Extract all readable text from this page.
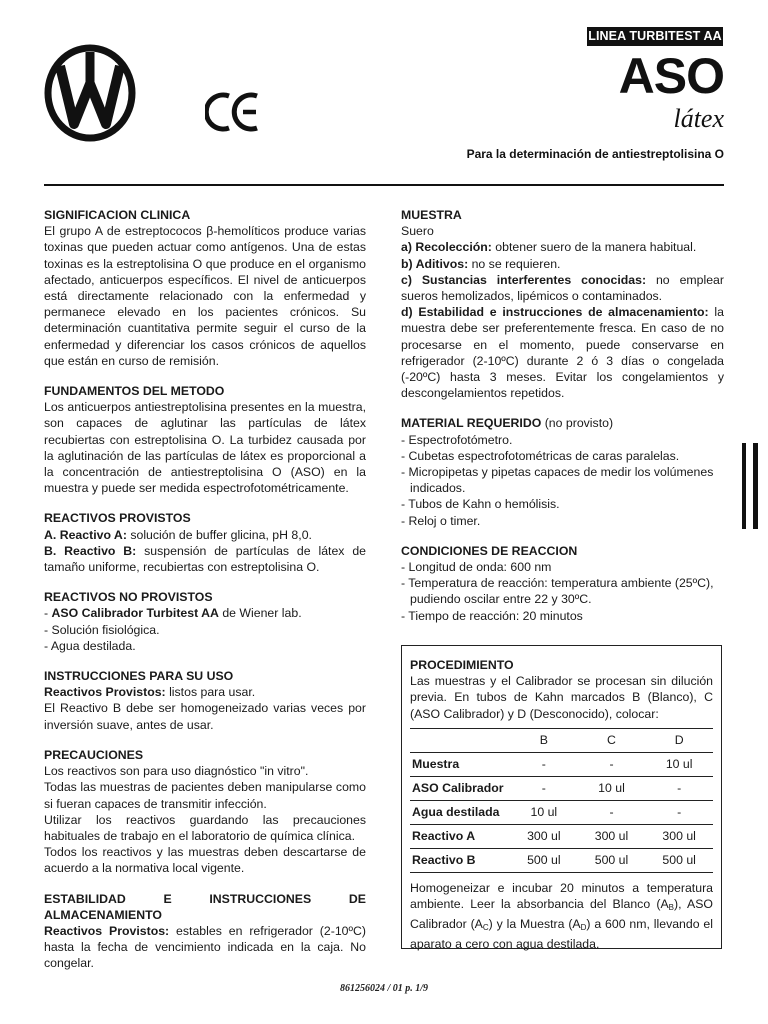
LINEA TURBITEST AA
ASO
látex
Para la determinación de antiestreptolisina O
SIGNIFICACION CLINICA

El grupo A de estreptococos β-hemolíticos produce varias toxinas que pueden actuar como antígenos. Una de estas toxinas es la estreptolisina O que produce en el organismo afectado, anticuerpos específicos. El nivel de anticuerpos está directamente relacionado con la enfermedad y permanece elevado en los pacientes crónicos. Su determinación cuantitativa permite seguir el curso de la enfermedad y diferenciar los casos crónicos de aquellos que están en curso de remisión.

FUNDAMENTOS DEL METODO

Los anticuerpos antiestreptolisina presentes en la muestra, son capaces de aglutinar las partículas de látex recubiertas con estreptolisina O. La turbidez causada por la aglutinación de las partículas de látex es proporcional a la concentración de antiestreptolisina O (ASO) en la muestra y puede ser medida espectrofotométricamente.

REACTIVOS PROVISTOS

A. Reactivo A: solución de buffer glicina, pH 8,0.

B. Reactivo B: suspensión de partículas de látex de tamaño uniforme, recubiertas con estreptolisina O.

REACTIVOS NO PROVISTOS

- ASO Calibrador Turbitest AA de Wiener lab.

- Solución fisiológica.

- Agua destilada.

INSTRUCCIONES PARA SU USO

Reactivos Provistos: listos para usar.

El Reactivo B debe ser homogeneizado varias veces por inversión suave, antes de usar.

PRECAUCIONES

Los reactivos son para uso diagnóstico "in vitro".

Todas las muestras de pacientes deben manipularse como si fueran capaces de transmitir infección.

Utilizar los reactivos guardando las precauciones habituales de trabajo en el laboratorio de química clínica.

Todos los reactivos y las muestras deben descartarse de acuerdo a la normativa local vigente.

ESTABILIDAD E INSTRUCCIONES DE ALMACENAMIENTO

Reactivos Provistos: estables en refrigerador (2-10ºC) hasta la fecha de vencimiento indicada en la caja. No congelar.

MUESTRA

Suero

a) Recolección: obtener suero de la manera habitual.

b) Aditivos: no se requieren.

c) Sustancias interferentes conocidas: no emplear sueros hemolizados, lipémicos o contaminados.

d) Estabilidad e instrucciones de almacenamiento: la muestra debe ser preferentemente fresca. En caso de no procesarse en el momento, puede conservarse en refrigerador (2-10ºC) durante 2 ó 3 días o congelada (-20ºC) hasta 3 meses. Evitar los congelamientos y descongelamientos repetidos.

MATERIAL REQUERIDO (no provisto)

- Espectrofotómetro.

- Cubetas espectrofotométricas de caras paralelas.

- Micropipetas y pipetas capaces de medir los volúmenes indicados.

- Tubos de Kahn o hemólisis.

- Reloj o timer.

CONDICIONES DE REACCION

- Longitud de onda: 600 nm

- Temperatura de reacción: temperatura ambiente (25ºC), pudiendo oscilar entre 22 y 30ºC.

- Tiempo de reacción: 20 minutos

PROCEDIMIENTO

Las muestras y el Calibrador se procesan sin dilución previa. En tubos de Kahn marcados B (Blanco), C (ASO Calibrador) y D (Desconocido), colocar:

	B	C	D
Muestra	-	-	10 ul
ASO Calibrador	-	10 ul	-
Agua destilada	10 ul	-	-
Reactivo A	300 ul	300 ul	300 ul
Reactivo B	500 ul	500 ul	500 ul

Homogeneizar e incubar 20 minutos a temperatura ambiente. Leer la absorbancia del Blanco $(A_B)$, ASO Calibrador $(A_C)$ y la Muestra $(A_D)$ a 600 nm, llevando el aparato a cero con agua destilada.

861256024 / 01 p. 1/9
